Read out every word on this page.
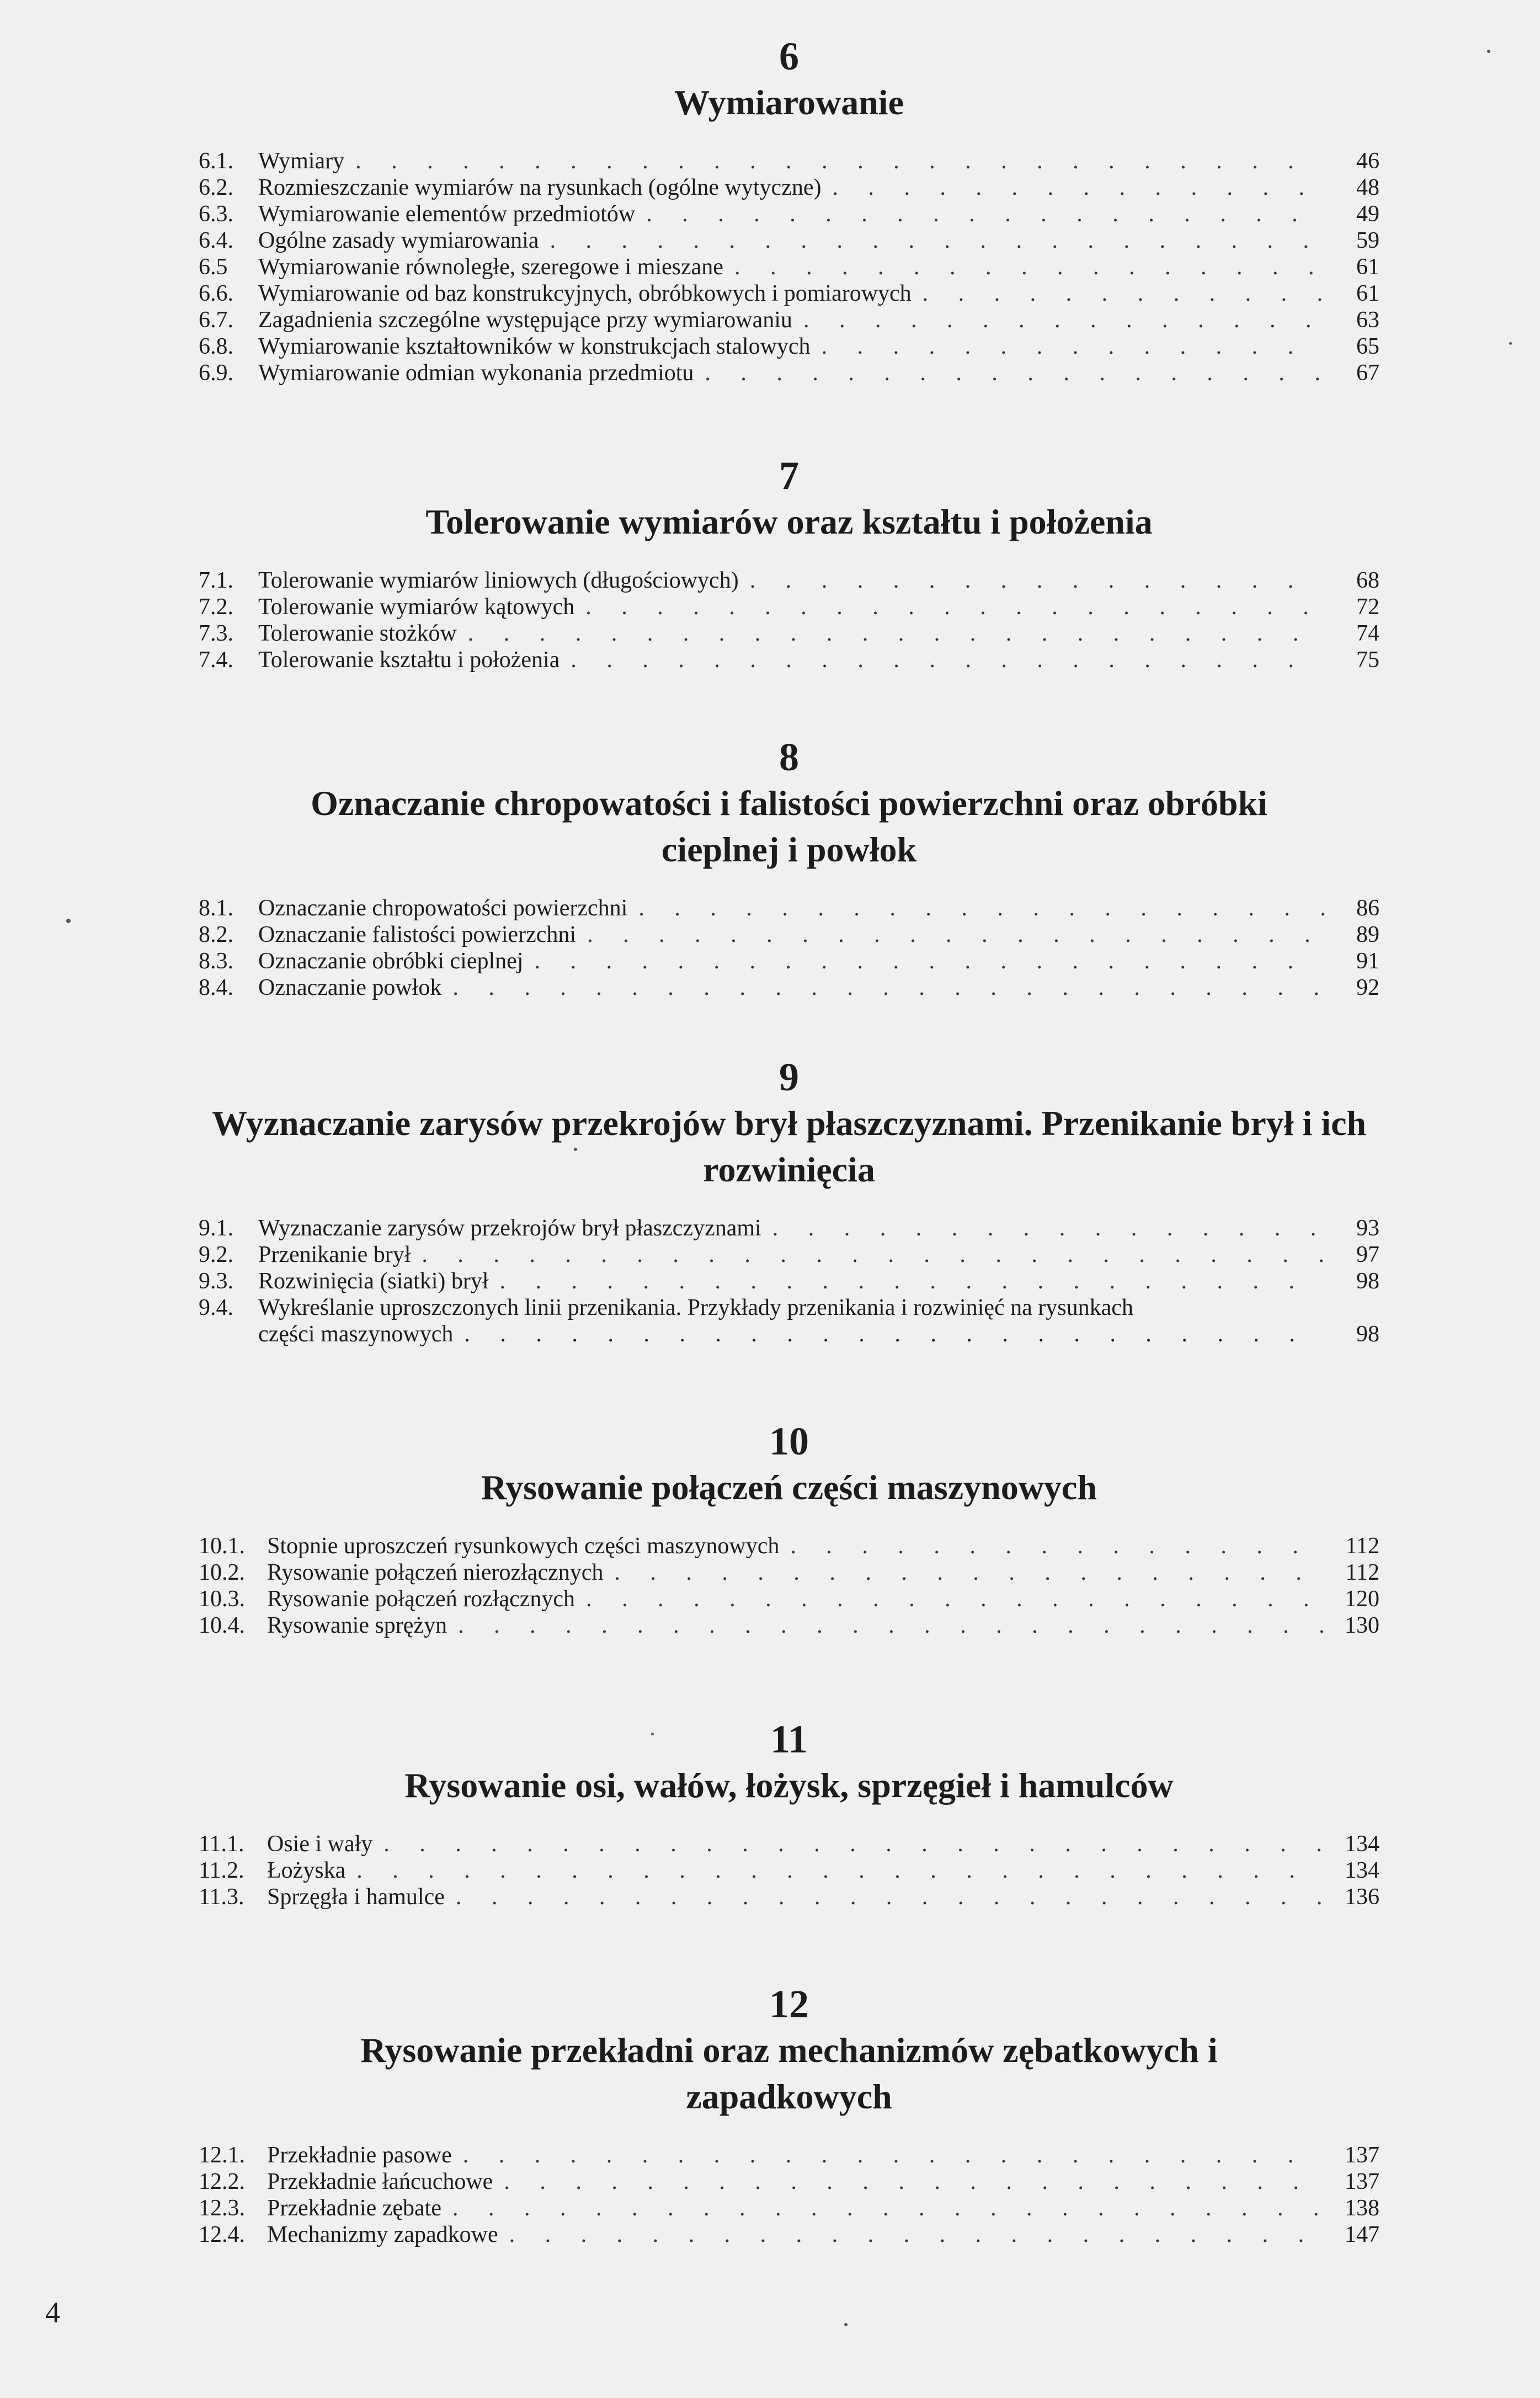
6
Wymiarowanie
6.1.	Wymiary . . .	46
6.2.	Rozmieszczanie wymiarów na rysunkach (ogólne wytyczne) . . .	48
6.3.	Wymiarowanie elementów przedmiotów . . .	49
6.4.	Ogólne zasady wymiarowania . . .	59
6.5	Wymiarowanie równoległe, szeregowe i mieszane . . .	61
6.6.	Wymiarowanie od baz konstrukcyjnych, obróbkowych i pomiarowych . . .	61
6.7.	Zagadnienia szczególne występujące przy wymiarowaniu . . .	63
6.8.	Wymiarowanie kształtowników w konstrukcjach stalowych . . .	65
6.9.	Wymiarowanie odmian wykonania przedmiotu . . .	67
7
Tolerowanie wymiarów oraz kształtu i położenia
7.1.	Tolerowanie wymiarów liniowych (długościowych) . . .	68
7.2.	Tolerowanie wymiarów kątowych . . .	72
7.3.	Tolerowanie stożków . . .	74
7.4.	Tolerowanie kształtu i położenia . . .	75
8
Oznaczanie chropowatości i falistości powierzchni oraz obróbki cieplnej i powłok
8.1.	Oznaczanie chropowatości powierzchni . . .	86
8.2.	Oznaczanie falistości powierzchni . . .	89
8.3.	Oznaczanie obróbki cieplnej . . .	91
8.4.	Oznaczanie powłok . . .	92
9
Wyznaczanie zarysów przekrojów brył płaszczyznami. Przenikanie brył i ich rozwinięcia
9.1.	Wyznaczanie zarysów przekrojów brył płaszczyznami . . .	93
9.2.	Przenikanie brył . . .	97
9.3.	Rozwinięcia (siatki) brył . . .	98
9.4.	Wykreślanie uproszczonych linii przenikania. Przykłady przenikania i rozwinięć na rysunkach
części maszynowych . . .	98
10
Rysowanie połączeń części maszynowych
10.1. Stopnie uproszczeń rysunkowych części maszynowych . . .	112
10.2. Rysowanie połączeń nierozłącznych . . .	112
10.3. Rysowanie połączeń rozłącznych . . .	120
10.4. Rysowanie sprężyn . . .	130
11
Rysowanie osi, wałów, łożysk, sprzęgieł i hamulców
11.1. Osie i wały . . .	134
11.2. Łożyska . . .	134
11.3. Sprzęgła i hamulce . . .	136
12
Rysowanie przekładni oraz mechanizmów zębatkowych i zapadkowych
12.1. Przekładnie pasowe . . .	137
12.2. Przekładnie łańcuchowe . . .	137
12.3. Przekładnie zębate . . .	138
12.4. Mechanizmy zapadkowe . . .	147
4
